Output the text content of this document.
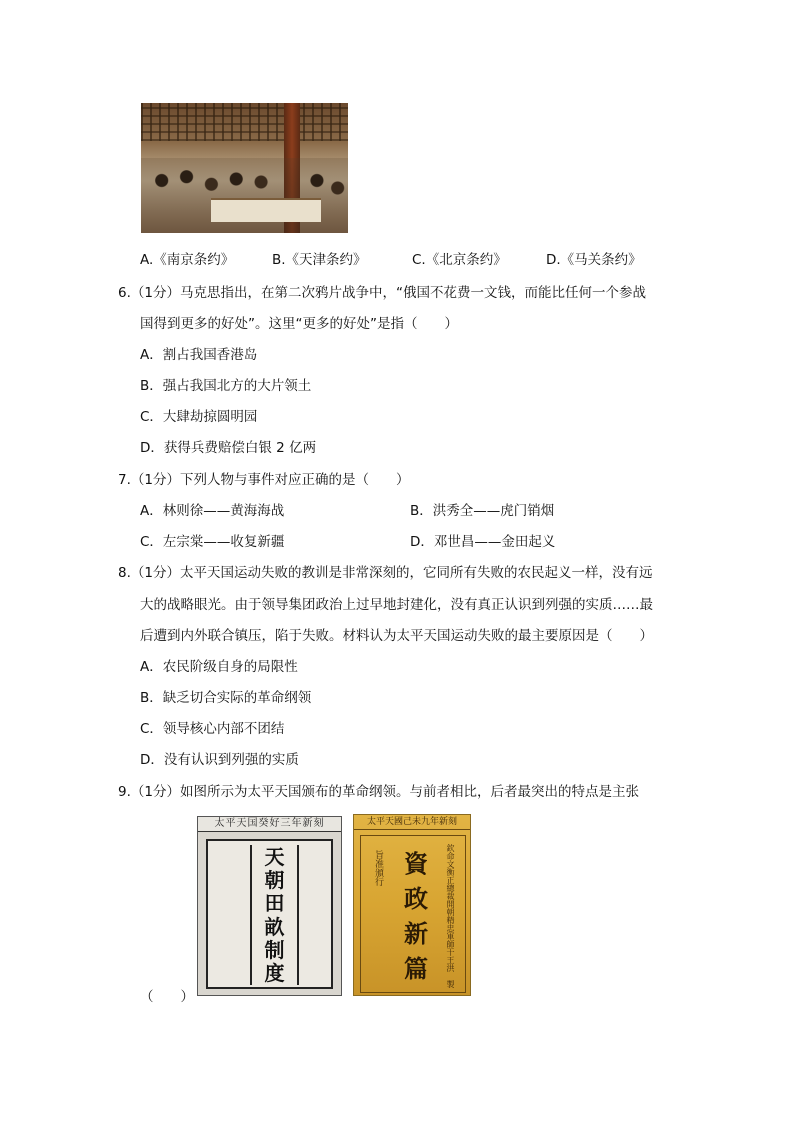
A.《南京条约》	B.《天津条约》	C.《北京条约》	D.《马关条约》
6.（1分）马克思指出，在第二次鸦片战争中，“俄国不花费一文钱，而能比任何一个参战
国得到更多的好处”。这里“更多的好处”是指（　　）
A．割占我国香港岛
B．强占我国北方的大片领土
C．大肆劫掠圆明园
D．获得兵费赔偿白银 2 亿两
7.（1分）下列人物与事件对应正确的是（　　）
A．林则徐——黄海海战	B．洪秀全——虎门销烟
C．左宗棠——收复新疆	D．邓世昌——金田起义
8.（1分）太平天国运动失败的教训是非常深刻的，它同所有失败的农民起义一样，没有远
大的战略眼光。由于领导集团政治上过早地封建化，没有真正认识到列强的实质……最
后遭到内外联合镇压，陷于失败。材料认为太平天国运动失败的最主要原因是（　　）
A．农民阶级自身的局限性
B．缺乏切合实际的革命纲领
C．领导核心内部不团结
D．没有认识到列强的实质
9.（1分）如图所示为太平天国颁布的革命纲领。与前者相比，后者最突出的特点是主张
太平天国癸好三年新刻
天
朝
田
畝
制
度
太平天國己未九年新刻
旨准頒行 資
政
新
篇	欽命文衡正總裁開朝精忠軍師干王洪　製
（　　）
